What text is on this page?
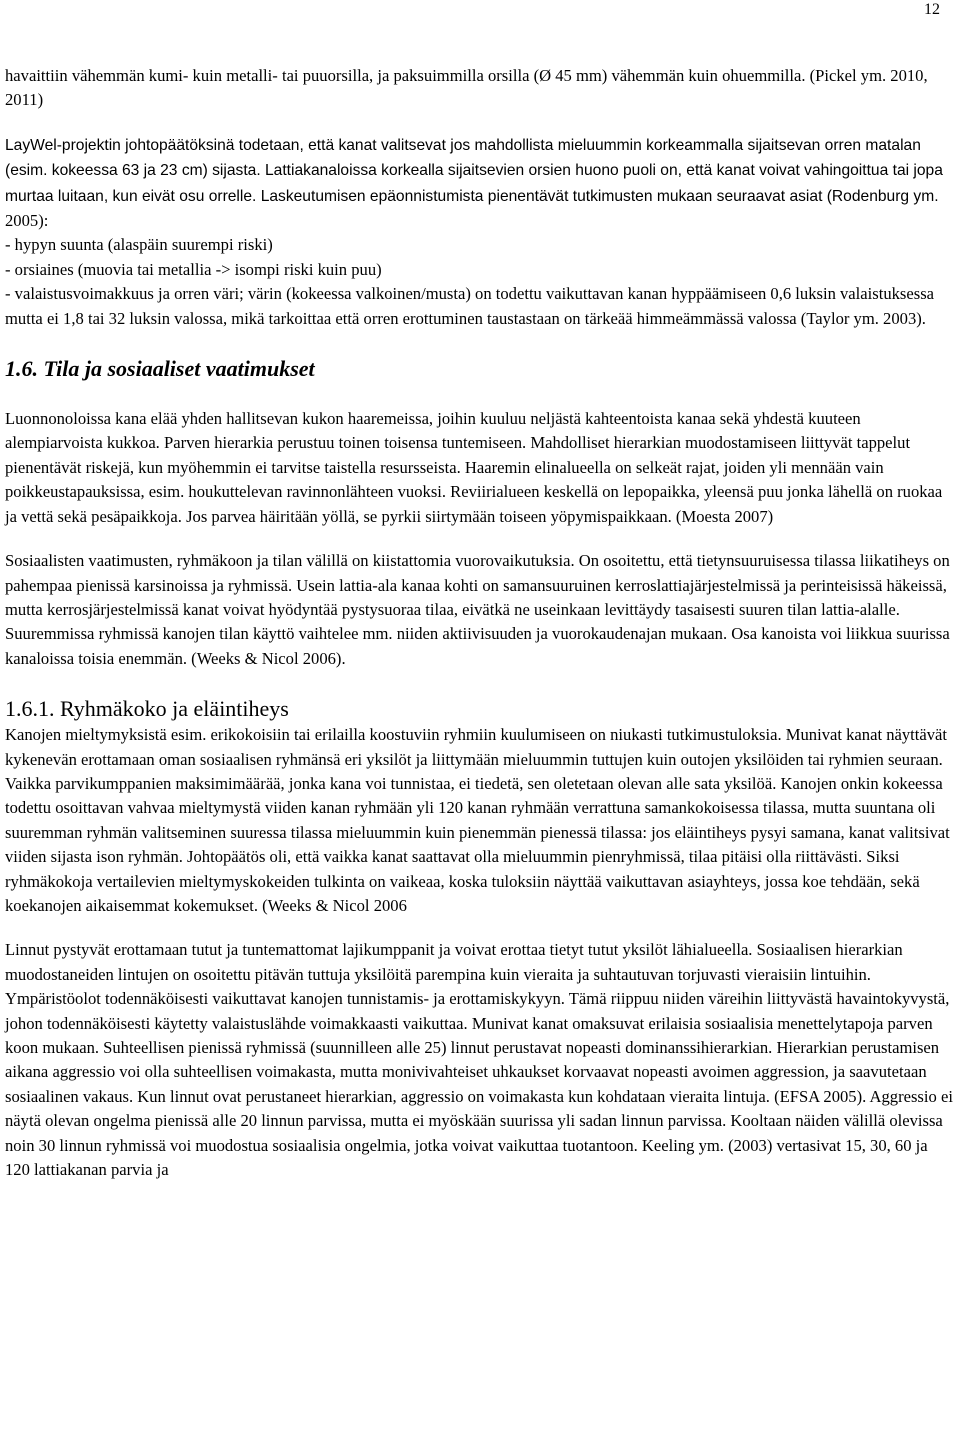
12

havaittiin vähemmän kumi- kuin metalli- tai puuorsilla, ja paksuimmilla orsilla (Ø 45 mm) vähemmän kuin ohuemmilla. (Pickel ym. 2010, 2011)

LayWel-projektin johtopäätöksinä todetaan, että kanat valitsevat jos mahdollista mieluummin korkeammalla sijaitsevan orren matalan (esim. kokeessa 63 ja 23 cm) sijasta. Lattiakanaloissa korkealla sijaitsevien orsien huono puoli on, että kanat voivat vahingoittua tai jopa murtaa luitaan, kun eivät osu orrelle. Laskeutumisen epäonnistumista pienentävät tutkimusten mukaan seuraavat asiat (Rodenburg ym. 2005):

- hypyn suunta (alaspäin suurempi riski)

- orsiaines (muovia tai metallia -> isompi riski kuin puu)

- valaistusvoimakkuus ja orren väri; värin (kokeessa valkoinen/musta) on todettu vaikuttavan kanan hyppäämiseen 0,6 luksin valaistuksessa mutta ei 1,8 tai 32 luksin valossa, mikä tarkoittaa että orren erottuminen taustastaan on tärkeää himmeämmässä valossa (Taylor ym. 2003).

1.6. Tila ja sosiaaliset vaatimukset

Luonnonoloissa kana elää yhden hallitsevan kukon haaremeissa, joihin kuuluu neljästä kahteentoista kanaa sekä yhdestä kuuteen alempiarvoista kukkoa. Parven hierarkia perustuu toinen toisensa tuntemiseen. Mahdolliset hierarkian muodostamiseen liittyvät tappelut pienentävät riskejä, kun myöhemmin ei tarvitse taistella resursseista. Haaremin elinalueella on selkeät rajat, joiden yli mennään vain poikkeustapauksissa, esim. houkuttelevan ravinnonlähteen vuoksi. Reviirialueen keskellä on lepopaikka, yleensä puu jonka lähellä on ruokaa ja vettä sekä pesäpaikkoja. Jos parvea häiritään yöllä, se pyrkii siirtymään toiseen yöpymispaikkaan. (Moesta 2007)

Sosiaalisten vaatimusten, ryhmäkoon ja tilan välillä on kiistattomia vuorovaikutuksia. On osoitettu, että tietynsuuruisessa tilassa liikatiheys on pahempaa pienissä karsinoissa ja ryhmissä. Usein lattia-ala kanaa kohti on samansuuruinen kerroslattiajärjestelmissä ja perinteisissä häkeissä, mutta kerrosjärjestelmissä kanat voivat hyödyntää pystysuoraa tilaa, eivätkä ne useinkaan levittäydy tasaisesti suuren tilan lattia-alalle. Suuremmissa ryhmissä kanojen tilan käyttö vaihtelee mm. niiden aktiivisuuden ja vuorokaudenajan mukaan. Osa kanoista voi liikkua suurissa kanaloissa toisia enemmän. (Weeks & Nicol 2006).

1.6.1. Ryhmäkoko ja eläintiheys

Kanojen mieltymyksistä esim. erikokoisiin tai erilailla koostuviin ryhmiin kuulumiseen on niukasti tutkimustuloksia. Munivat kanat näyttävät kykenevän erottamaan oman sosiaalisen ryhmänsä eri yksilöt ja liittymään mieluummin tuttujen kuin outojen yksilöiden tai ryhmien seuraan. Vaikka parvikumppanien maksimimäärää, jonka kana voi tunnistaa, ei tiedetä, sen oletetaan olevan alle sata yksilöä. Kanojen onkin kokeessa todettu osoittavan vahvaa mieltymystä viiden kanan ryhmään yli 120 kanan ryhmään verrattuna samankokoisessa tilassa, mutta suuntana oli suuremman ryhmän valitseminen suuressa tilassa mieluummin kuin pienemmän pienessä tilassa: jos eläintiheys pysyi samana, kanat valitsivat viiden sijasta ison ryhmän. Johtopäätös oli, että vaikka kanat saattavat olla mieluummin pienryhmissä, tilaa pitäisi olla riittävästi. Siksi ryhmäkokoja vertailevien mieltymyskokeiden tulkinta on vaikeaa, koska tuloksiin näyttää vaikuttavan asiayhteys, jossa koe tehdään, sekä koekanojen aikaisemmat kokemukset. (Weeks & Nicol 2006

Linnut pystyvät erottamaan tutut ja tuntemattomat lajikumppanit ja voivat erottaa tietyt tutut yksilöt lähialueella. Sosiaalisen hierarkian muodostaneiden lintujen on osoitettu pitävän tuttuja yksilöitä parempina kuin vieraita ja suhtautuvan torjuvasti vieraisiin lintuihin. Ympäristöolot todennäköisesti vaikuttavat kanojen tunnistamis- ja erottamiskykyyn. Tämä riippuu niiden väreihin liittyvästä havaintokyvystä, johon todennäköisesti käytetty valaistuslähde voimakkaasti vaikuttaa. Munivat kanat omaksuvat erilaisia sosiaalisia menettelytapoja parven koon mukaan. Suhteellisen pienissä ryhmissä (suunnilleen alle 25) linnut perustavat nopeasti dominanssihierarkian. Hierarkian perustamisen aikana aggressio voi olla suhteellisen voimakasta, mutta monivivahteiset uhkaukset korvaavat nopeasti avoimen aggression, ja saavutetaan sosiaalinen vakaus. Kun linnut ovat perustaneet hierarkian, aggressio on voimakasta kun kohdataan vieraita lintuja. (EFSA 2005). Aggressio ei näytä olevan ongelma pienissä alle 20 linnun parvissa, mutta ei myöskään suurissa yli sadan linnun parvissa. Kooltaan näiden välillä olevissa noin 30 linnun ryhmissä voi muodostua sosiaalisia ongelmia, jotka voivat vaikuttaa tuotantoon. Keeling ym. (2003) vertasivat 15, 30, 60 ja 120 lattiakanan parvia ja
